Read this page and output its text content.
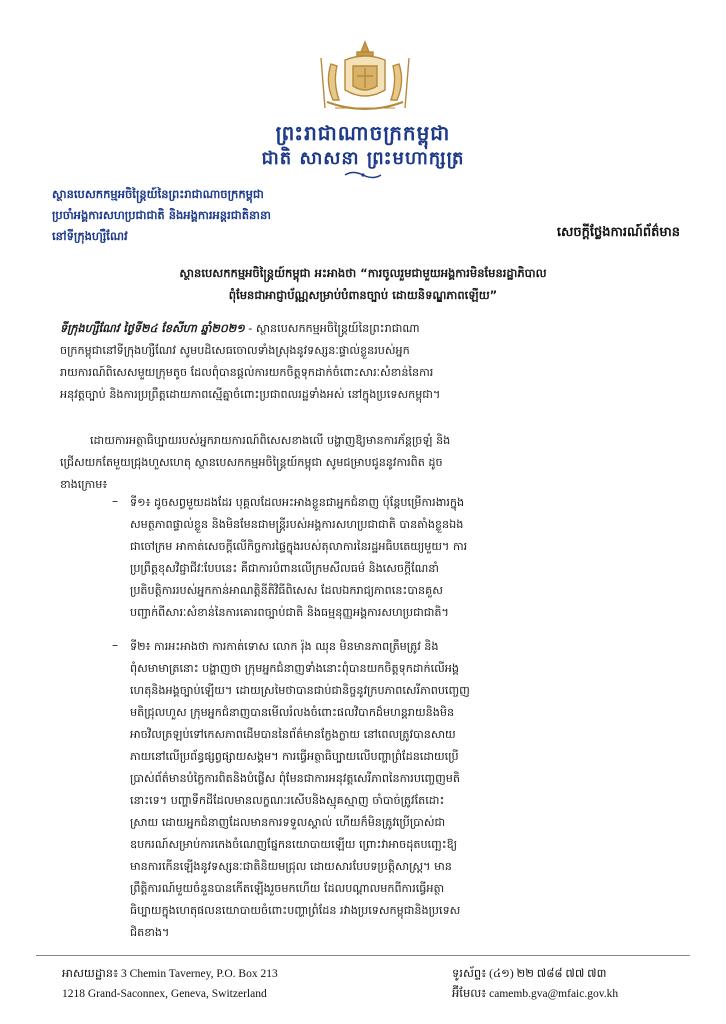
ព្រះរាជាណាចក្រកម្ពុជា
ជាតិ សាសនា ព្រះមហាក្សត្រ
ស្ថានបេសកកម្មអចិន្ត្រៃយ៍នៃព្រះរាជាណាចក្រកម្ពុជា
ប្រចាំអង្គការសហប្រជាជាតិ និងអង្គការអន្តរជាតិនានា
នៅទីក្រុងហ្សឺណែវ	សេចក្តីថ្លែងការណ៍ព័ត៌មាន
ស្ថានបេសកកម្មអចិន្ត្រៃយ៍កម្ពុជា អះអាងថា “ការចូលរួមជាមួយអង្គការមិនមែនរដ្ឋាភិបាល
ពុំមែនជាអាជ្ញាប័ណ្ណសម្រាប់បំពានច្បាប់ ដោយនិទណ្ឌភាពឡើយ”
ទីក្រុងហ្សឺណែវ ថ្ងៃទី២៤ ខែសីហា ឆ្នាំ២០២១ - ស្ថានបេសកកម្មអចិន្ត្រៃយ៍នៃព្រះរាជាណា
ចក្រកម្ពុជានៅទីក្រុងហ្សឺណែវ សូមបដិសេធចោលទាំងស្រុងនូវទស្សនៈផ្ទាល់ខ្លួនរបស់អ្នក
រាយការណ៍ពិសេសមួយក្រុមតូច ដែលពុំបានផ្តល់ការយកចិត្តទុកដាក់ចំពោះសារៈសំខាន់នៃការ
អនុវត្តច្បាប់ និងការប្រព្រឹត្តដោយភាពស្មើគ្នាចំពោះប្រជាពលរដ្ឋទាំងអស់ នៅក្នុងប្រទេសកម្ពុជា។
ដោយការអត្ថាធិប្បាយរបស់អ្នករាយការណ៍ពិសេសខាងលើ បង្ហាញឱ្យមានការភ័ន្តច្រឡំ និង
ជ្រើសយកតែមួយជ្រុងហួសហេតុ ស្ថានបេសកកម្មអចិន្ត្រៃយ៍កម្ពុជា សូមជម្រាបជូននូវការពិត ដូច
ខាងក្រោម៖
–	ទី១៖ ដូចសព្វមួយដងដែរ បុគ្គលដែលអះអាងខ្លួនជាអ្នកជំនាញ ប៉ុន្តែបម្រើការងារក្នុង
សមត្ថភាពផ្ទាល់ខ្លួន និងមិនមែនជាមន្ត្រីរបស់អង្គការសហប្រជាជាតិ បានតាំងខ្លួនឯង
ជាចៅក្រម អាកាត់សេចក្តីលើកិច្ចការផ្ទៃក្នុងរបស់តុលាការនៃរដ្ឋអធិបតេយ្យមួយ។ ការ
ប្រព្រឹត្តខុសវិជ្ជាជីវៈបែបនេះ គឺជាការបំពានលើក្រមសីលធម៌ និងសេចក្តីណែនាំ
ប្រតិបត្តិការរបស់អ្នកកាន់អាណត្តិនីតិវិធីពិសេស ដែលឯករាជ្យភាពនេះបានគួស
បញ្ជាក់ពីសារៈសំខាន់នៃការគោរពច្បាប់ជាតិ និងធម្មនុញ្ញអង្គការសហប្រជាជាតិ។
–	ទី២៖ ការអះអាងថា ការកាត់ទោស លោក រ៉ុង ឈុន មិនមានភាពត្រឹមត្រូវ និង
ពុំសមាមាត្រនោះ បង្ហាញថា ក្រុមអ្នកជំនាញទាំងនោះពុំបានយកចិត្តទុកដាក់លើអង្គ
ហេតុនិងអង្គច្បាប់ឡើយ។ ដោយស្រមៃថាបានជាប់ជានិច្ចនូវក្របភាពសេរីភាពបញ្ចេញ
មតិជ្រុលហួស ក្រុមអ្នកជំនាញបានមើលរំលងចំពោះផលវិបាកដ៏មហន្តរាយនិងមិន
អាចវិលត្រឡប់ទៅកេសភាពដើមបាននៃព័ត៌មានក្លែងក្លាយ នៅពេលត្រូវបានសាយ
ភាយនៅលើប្រព័ន្ធផ្សព្វផ្សាយសង្គម។ ការធ្វើអត្ថាធិប្បាយលើបញ្ហាព្រំដែនដោយប្រើ
ប្រាស់ព័ត៌មានបំភ្លៃការពិតនិងបំផ្លើស ពុំមែនជាការអនុវត្តសេរីភាពនៃការបញ្ចេញមតិ
នោះទេ។ បញ្ហាទឹកដីដែលមានលក្ខណៈរសើបនិងស្មុគស្មាញ ចាំបាច់ត្រូវតែដោះ
ស្រាយ ដោយអ្នកជំនាញដែលមានការទទួលស្គាល់ ហើយក៏មិនត្រូវប្រើប្រាស់ជា
ឧបករណ៍សម្រាប់ការកេងចំណេញផ្នែកនយោបាយឡើយ ព្រោះវាអាចដុតបញ្ឆេះឱ្យ
មានការកើនឡើងនូវទស្សនៈជាតិនិយមជ្រុល ដោយសារបែបទប្រត្តិសាស្ត្រ។ មាន
ព្រឹត្តិការណ៍មួយចំនួនបានកើតឡើងរួចមកហើយ ដែលបណ្តាលមកពីការធ្វើអត្ថា
ធិប្បាយក្នុងហេតុផលនយោបាយចំពោះបញ្ហាព្រំដែន រវាងប្រទេសកម្ពុជានិងប្រទេស
ជិតខាង។
អាសយដ្ឋាន៖ 3 Chemin Taverney, P.O. Box 213
1218 Grand-Saconnex, Geneva, Switzerland
ទូរស័ព្ទ៖ (៤១) ២២ ៧៨៨ ៧៧ ៧៣
អ៊ីមែល៖ camemb.gva@mfaic.gov.kh
